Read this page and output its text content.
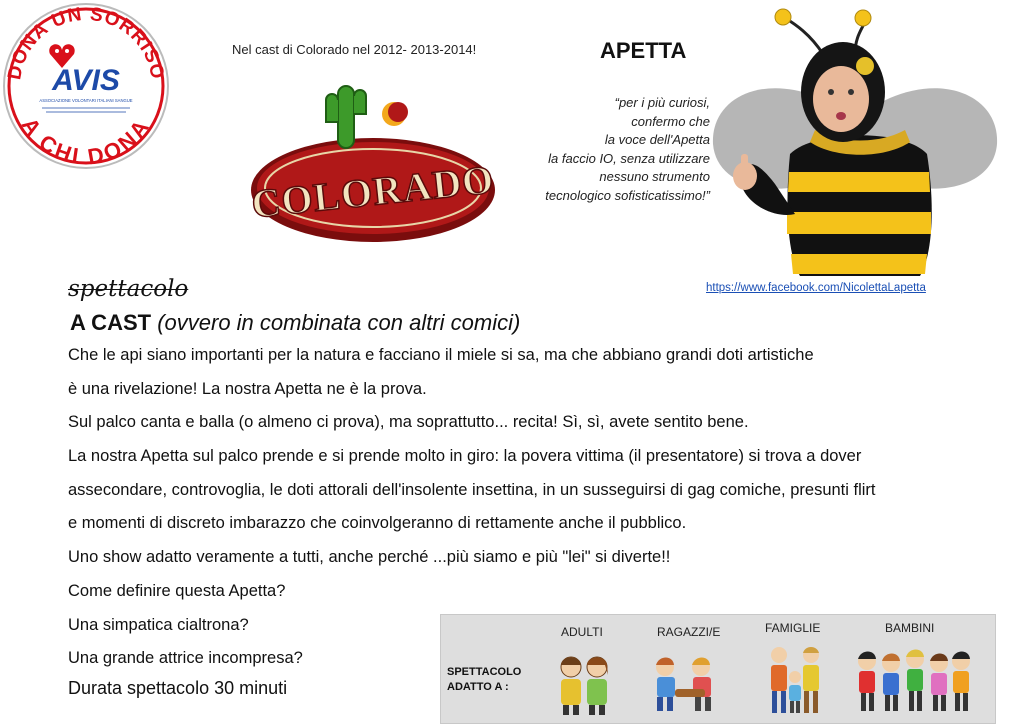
DONA UN SORRISO
A CHI DONA
AVIS
ASSOCIAZIONE VOLONTARI ITALIANI SANGUE
Nel cast di Colorado nel 2012- 2013-2014!
COLORADO
APETTA
“per i più curiosi,
confermo che
la voce dell'Apetta
la faccio IO, senza utilizzare
nessuno strumento
tecnologico sofisticatissimo!”
https://www.facebook.com/NicolettaLapetta
spettacolo
A CAST (ovvero in combinata con altri comici)
Che le api siano importanti per la natura e facciano il miele si sa, ma che abbiano grandi doti artistiche
è una rivelazione! La nostra Apetta ne è la prova.
Sul palco canta e balla (o almeno ci prova), ma soprattutto... recita! Sì, sì, avete sentito bene.
La nostra Apetta sul palco prende e si prende molto in giro: la povera vittima (il presentatore) si trova a dover
assecondare, controvoglia, le doti attorali dell'insolente insettina, in un susseguirsi di gag comiche, presunti flirt
e momenti di discreto imbarazzo che coinvolgeranno di rettamente anche il pubblico.
Uno show adatto veramente a tutti, anche perché ...più siamo e più "lei" si diverte!!
Come definire questa Apetta?
Una simpatica cialtrona?
Una grande attrice incompresa?
Durata spettacolo 30 minuti
ADULTI	RAGAZZI/E	FAMIGLIE	BAMBINI
SPETTACOLO
ADATTO A :
